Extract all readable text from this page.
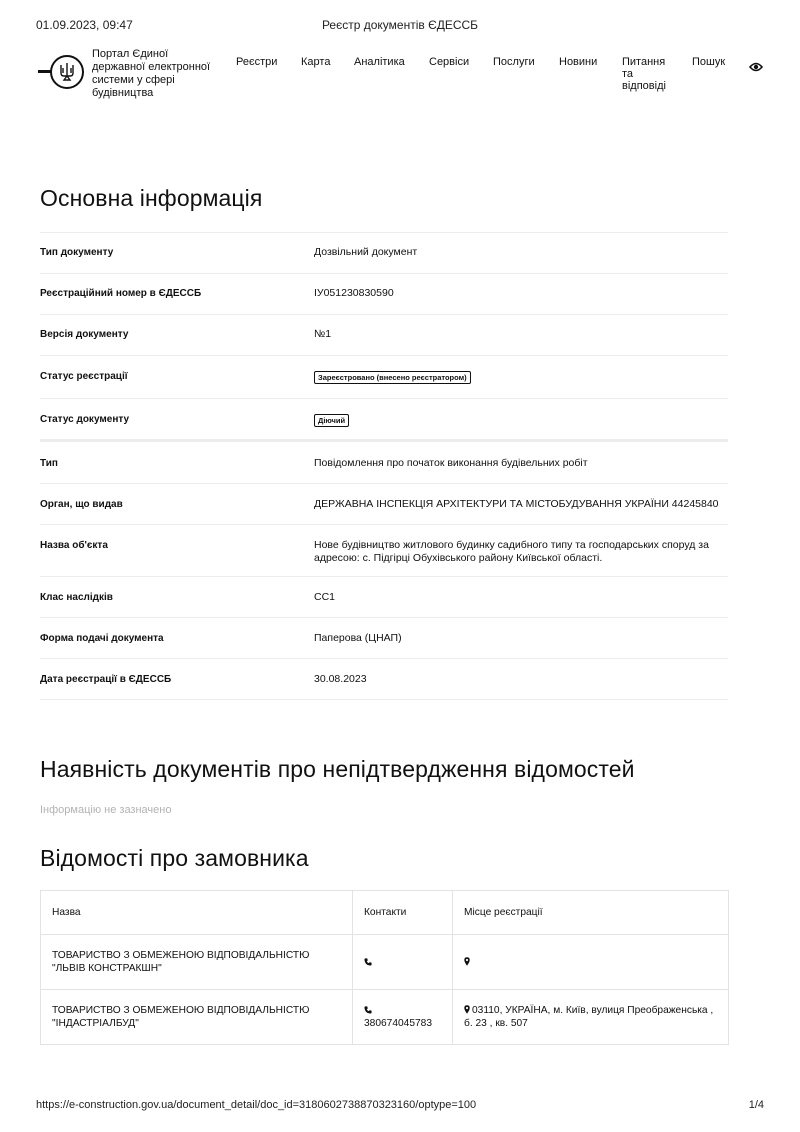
01.09.2023, 09:47	Реєстр документів ЄДЕССБ
Портал Єдиної державної електронної системи у сфері будівництва
Реєстри Карта Аналітика Сервіси Послуги Новини Питання та відповіді
Пошук
Основна інформація
Тип документу	Дозвільний документ
Реєстраційний номер в ЄДЕССБ	ІУ051230830590
Версія документу	№1
Статус реєстрації	Зареєстровано (внесено реєстратором)
Статус документу	Діючий
Тип	Повідомлення про початок виконання будівельних робіт
Орган, що видав	ДЕРЖАВНА ІНСПЕКЦІЯ АРХІТЕКТУРИ ТА МІСТОБУДУВАННЯ УКРАЇНИ 44245840
Назва об'єкта	Нове будівництво житлового будинку садибного типу та господарських споруд за адресою: с. Підгірці Обухівського району Київської області.
Клас наслідків	СС1
Форма подачі документа	Паперова (ЦНАП)
Дата реєстрації в ЄДЕССБ	30.08.2023
Наявність документів про непідтвердження відомостей
Інформацію не зазначено
Відомості про замовника
Назва	Контакти	Місце реєстрації
ТОВАРИСТВО З ОБМЕЖЕНОЮ ВІДПОВІДАЛЬНІСТЮ "ЛЬВІВ КОНСТРАКШН"		
ТОВАРИСТВО З ОБМЕЖЕНОЮ ВІДПОВІДАЛЬНІСТЮ "ІНДАСТРІАЛБУД"	380674045783	03110, УКРАЇНА, м. Київ, вулиця Преображенська , б. 23 , кв. 507
https://e-construction.gov.ua/document_detail/doc_id=3180602738870323160/optype=100	1/4
